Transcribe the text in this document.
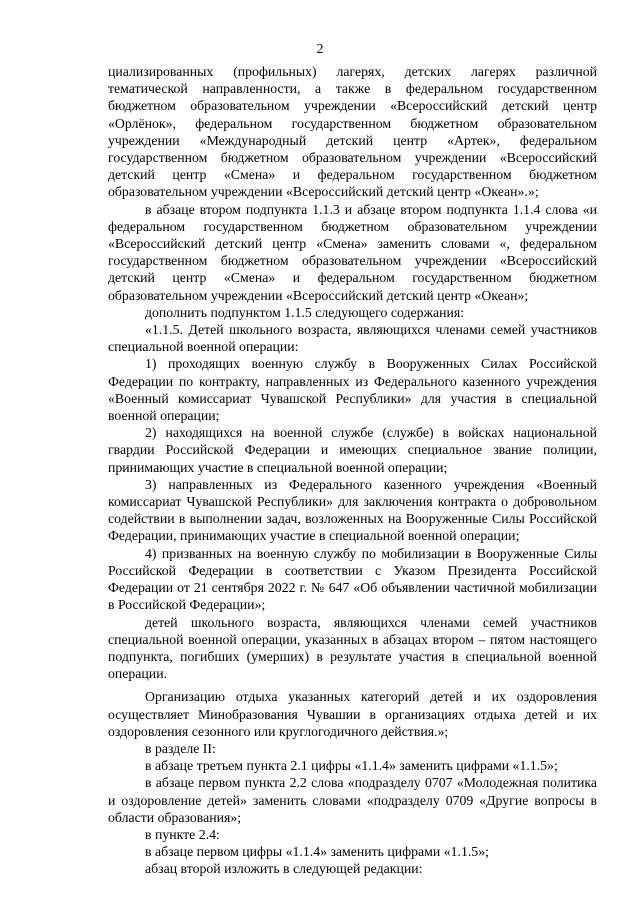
2

циализированных (профильных) лагерях, детских лагерях различной тематической направленности, а также в федеральном государственном бюджетном образовательном учреждении «Всероссийский детский центр «Орлёнок», федеральном государственном бюджетном образовательном учреждении «Международный детский центр «Артек», федеральном государственном бюджетном образовательном учреждении «Всероссийский детский центр «Смена» и федеральном государственном бюджетном образовательном учреждении «Всероссийский детский центр «Океан».»;

в абзаце втором подпункта 1.1.3 и абзаце втором подпункта 1.1.4 слова «и федеральном государственном бюджетном образовательном учреждении «Всероссийский детский центр «Смена» заменить словами «, федеральном государственном бюджетном образовательном учреждении «Всероссийский детский центр «Смена» и федеральном государственном бюджетном образовательном учреждении «Всероссийский детский центр «Океан»;

дополнить подпунктом 1.1.5 следующего содержания:

«1.1.5. Детей школьного возраста, являющихся членами семей участников специальной военной операции:

1) проходящих военную службу в Вооруженных Силах Российской Федерации по контракту, направленных из Федерального казенного учреждения «Военный комиссариат Чувашской Республики» для участия в специальной военной операции;

2) находящихся на военной службе (службе) в войсках национальной гвардии Российской Федерации и имеющих специальное звание полиции, принимающих участие в специальной военной операции;

3) направленных из Федерального казенного учреждения «Военный комиссариат Чувашской Республики» для заключения контракта о добровольном содействии в выполнении задач, возложенных на Вооруженные Силы Российской Федерации, принимающих участие в специальной военной операции;

4) призванных на военную службу по мобилизации в Вооруженные Силы Российской Федерации в соответствии с Указом Президента Российской Федерации от 21 сентября 2022 г. № 647 «Об объявлении частичной мобилизации в Российской Федерации»;

детей школьного возраста, являющихся членами семей участников специальной военной операции, указанных в абзацах втором – пятом настоящего подпункта, погибших (умерших) в результате участия в специальной военной операции.

Организацию отдыха указанных категорий детей и их оздоровления осуществляет Минобразования Чувашии в организациях отдыха детей и их оздоровления сезонного или круглогодичного действия.»;

в разделе II:

в абзаце третьем пункта 2.1 цифры «1.1.4» заменить цифрами «1.1.5»;

в абзаце первом пункта 2.2 слова «подразделу 0707 «Молодежная политика и оздоровление детей» заменить словами «подразделу 0709 «Другие вопросы в области образования»;

в пункте 2.4:

в абзаце первом цифры «1.1.4» заменить цифрами «1.1.5»;

абзац второй изложить в следующей редакции:
